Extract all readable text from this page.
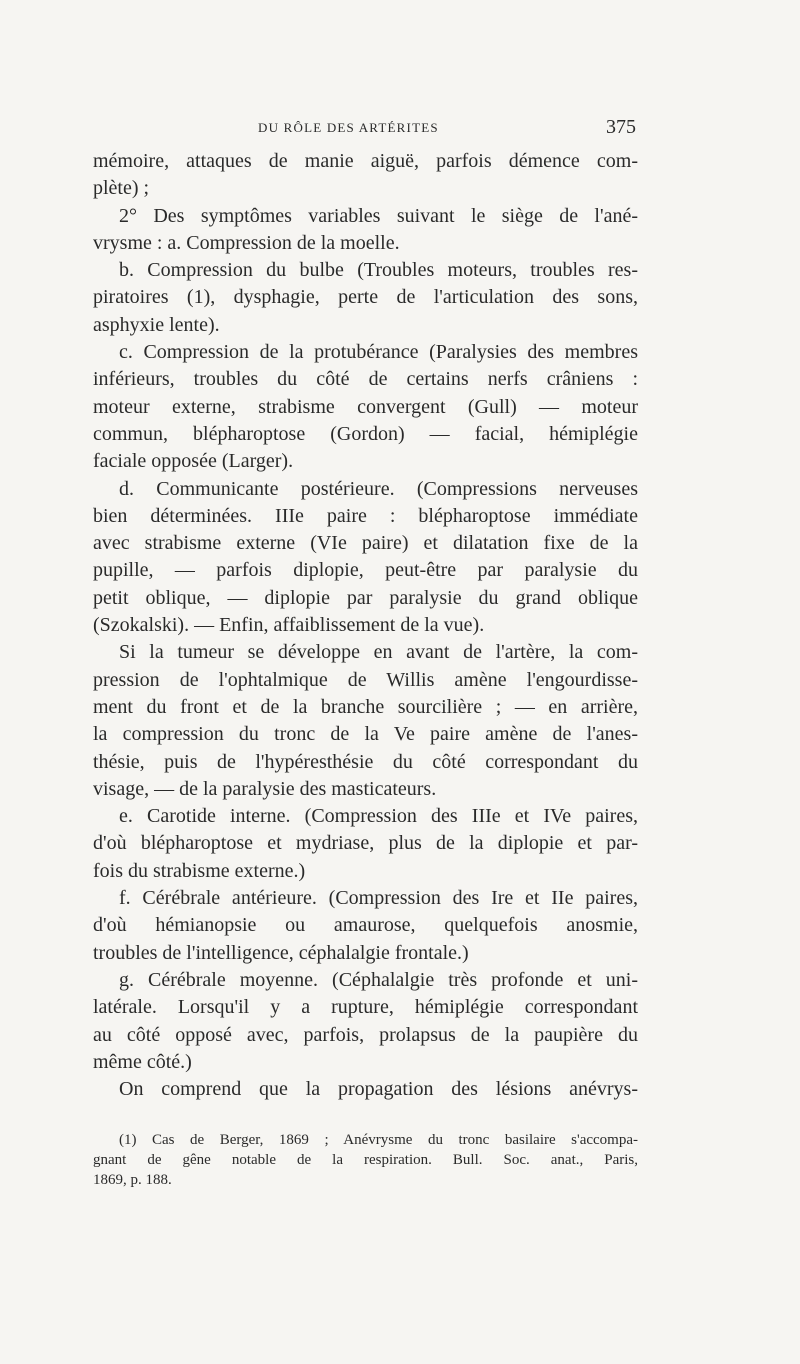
DU RÔLE DES ARTÉRITES	375
mémoire, attaques de manie aiguë, parfois démence com-
plète) ;
2° Des symptômes variables suivant le siège de l'ané-
vrysme : a. Compression de la moelle.
b. Compression du bulbe (Troubles moteurs, troubles res-
piratoires (1), dysphagie, perte de l'articulation des sons,
asphyxie lente).
c. Compression de la protubérance (Paralysies des membres
inférieurs, troubles du côté de certains nerfs crâniens :
moteur externe, strabisme convergent (Gull) — moteur
commun, blépharoptose (Gordon) — facial, hémiplégie
faciale opposée (Larger).
d. Communicante postérieure. (Compressions nerveuses
bien déterminées. IIIe paire : blépharoptose immédiate
avec strabisme externe (VIe paire) et dilatation fixe de la
pupille, — parfois diplopie, peut-être par paralysie du
petit oblique, — diplopie par paralysie du grand oblique
(Szokalski). — Enfin, affaiblissement de la vue).
Si la tumeur se développe en avant de l'artère, la com-
pression de l'ophtalmique de Willis amène l'engourdisse-
ment du front et de la branche sourcilière ; — en arrière,
la compression du tronc de la Ve paire amène de l'anes-
thésie, puis de l'hypéresthésie du côté correspondant du
visage, — de la paralysie des masticateurs.
e. Carotide interne. (Compression des IIIe et IVe paires,
d'où blépharoptose et mydriase, plus de la diplopie et par-
fois du strabisme externe.)
f. Cérébrale antérieure. (Compression des Ire et IIe paires,
d'où hémianopsie ou amaurose, quelquefois anosmie,
troubles de l'intelligence, céphalalgie frontale.)
g. Cérébrale moyenne. (Céphalalgie très profonde et uni-
latérale. Lorsqu'il y a rupture, hémiplégie correspondant
au côté opposé avec, parfois, prolapsus de la paupière du
même côté.)
On comprend que la propagation des lésions anévrys-
(1) Cas de Berger, 1869 ; Anévrysme du tronc basilaire s'accompa-
gnant de gêne notable de la respiration. Bull. Soc. anat., Paris,
1869, p. 188.
